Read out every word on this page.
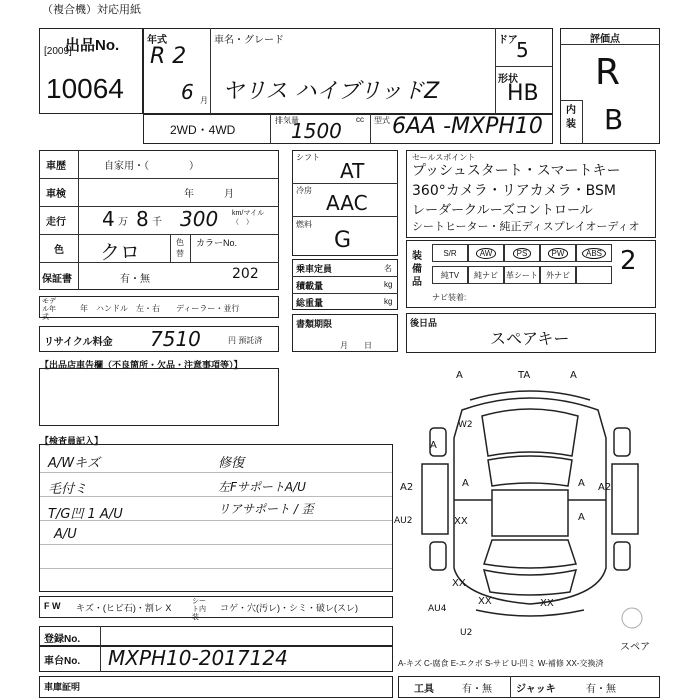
（複合機）対応用紙
出品No.
[2009]
10064
年式
R 2
6 月
車名・グレード
ヤリス ハイブリッドZ
ドア
5
形状
HB
2WD・4WD
排気量
1500 cc 型式 6AA -MXPH10
評価点
R
内装 B
車歴	自家用・（　　　　）
車検	年　　　月
走行 4 万 8 千 300 km/マイル（　）
色 クロ	色替
カラーNo.
202
保証書	有・無
モデル年式
年　ハンドル　左・右　　ディーラー・並行
リサイクル料金 7510	円 預託済
シフト
AT
冷房
AAC
燃料
G
乗車定員	名
積載量	kg
総重量	kg
書類期限
月　　日
セールスポイント
プッシュスタート・スマートキー
360°カメラ・リアカメラ・BSM
レーダークルーズコントロール
シートヒーター・純正ディスプレイオーディオ
装備品
S/R	AW	PS	PW	ABS
純TV 純ナビ 革シート 外ナビ
ナビ装着:
2
後日品
スペアキー
【出品店車告欄（不良箇所・欠品・注意事項等）】
【検査員記入】
A/Wキズ
毛付ミ
T/G凹 1 A/U
A/U
修復
左FサポートA/U
リアサポート / 歪
A	TA	A
W2
A	A
A
A
A2
AU2	XX
XX
XX	XX
AU4
A2
U2
スペア
F W キズ・(ヒビ石)・割レ X
シート内装
コゲ・穴(汚レ)・シミ・破レ(スレ)
登録No.
車台No. MXPH10-2017124	A-キズ C-腐食 E-エクボ S-サビ U-凹ミ W-補修 XX-交換済
車庫証明	工具	有・無 ジャッキ	有・無
